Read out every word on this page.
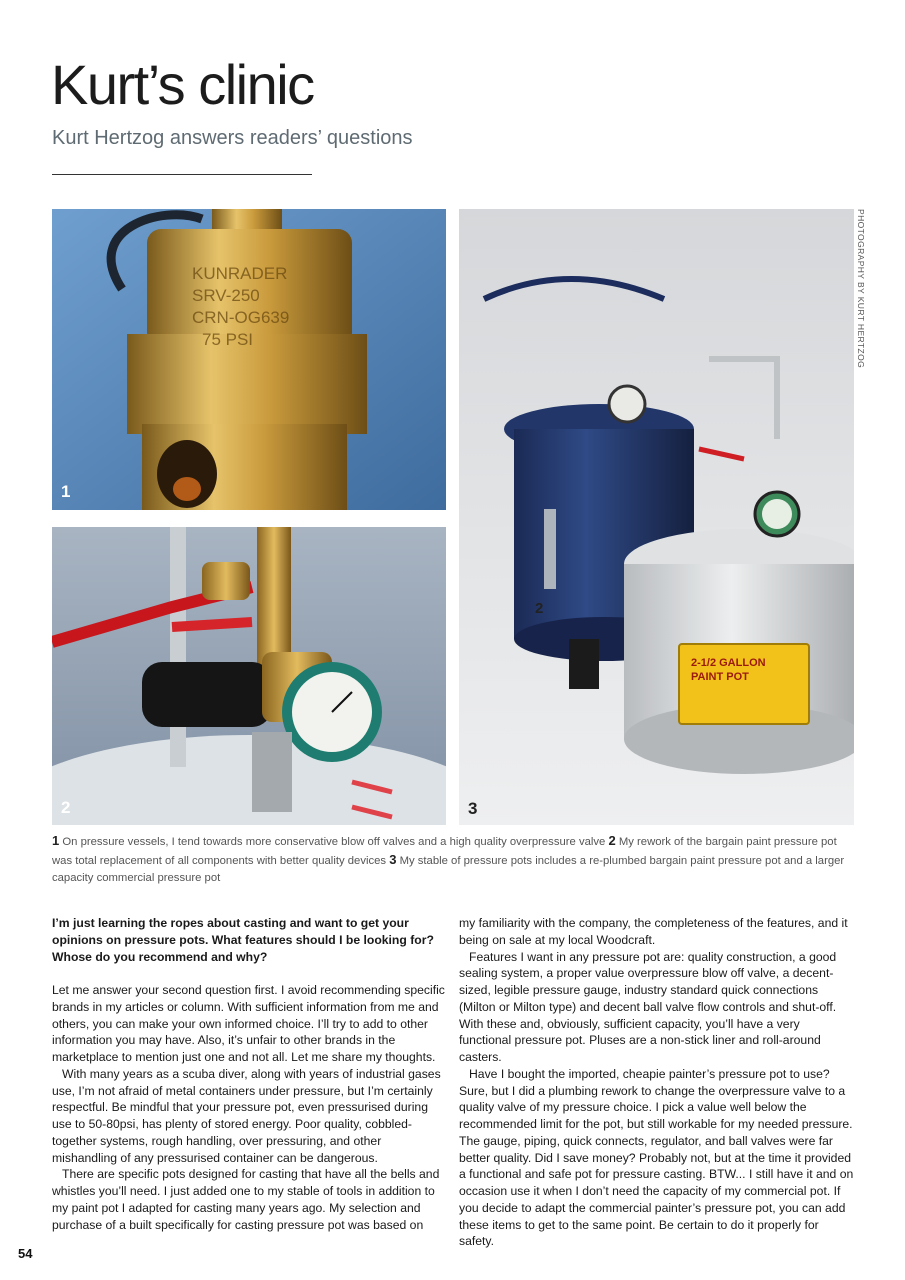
Kurt’s clinic
Kurt Hertzog answers readers’ questions
KUNRADER
SRV-250
CRN-OG639
75 PSI
1
2
2-1/2 GALLON
PAINT POT
2
3
PHOTOGRAPHY BY KURT HERTZOG
1 On pressure vessels, I tend towards more conservative blow off valves and a high quality overpressure valve 2 My rework of the bargain paint pressure pot was total replacement of all components with better quality devices 3 My stable of pressure pots includes a re-plumbed bargain paint pressure pot and a larger capacity commercial pressure pot

I’m just learning the ropes about casting and want to get your opinions on pressure pots. What features should I be looking for? Whose do you recommend and why?

Let me answer your second question first. I avoid recommending specific brands in my articles or column. With sufficient information from me and others, you can make your own informed choice. I’ll try to add to other information you may have. Also, it’s unfair to other brands in the marketplace to mention just one and not all. Let me share my thoughts.

With many years as a scuba diver, along with years of industrial gases use, I’m not afraid of metal containers under pressure, but I’m certainly respectful. Be mindful that your pressure pot, even pressurised during use to 50-80psi, has plenty of stored energy. Poor quality, cobbled-together systems, rough handling, over pressuring, and other mishandling of any pressurised container can be dangerous.

There are specific pots designed for casting that have all the bells and whistles you’ll need. I just added one to my stable of tools in addition to my paint pot I adapted for casting many years ago. My selection and purchase of a built specifically for casting pressure pot was based on

my familiarity with the company, the completeness of the features, and it being on sale at my local Woodcraft.

Features I want in any pressure pot are: quality construction, a good sealing system, a proper value overpressure blow off valve, a decent-sized, legible pressure gauge, industry standard quick connections (Milton or Milton type) and decent ball valve flow controls and shut-off. With these and, obviously, sufficient capacity, you’ll have a very functional pressure pot. Pluses are a non-stick liner and roll-around casters.

Have I bought the imported, cheapie painter’s pressure pot to use? Sure, but I did a plumbing rework to change the overpressure valve to a quality valve of my pressure choice. I pick a value well below the recommended limit for the pot, but still workable for my needed pressure. The gauge, piping, quick connects, regulator, and ball valves were far better quality. Did I save money? Probably not, but at the time it provided a functional and safe pot for pressure casting. BTW... I still have it and on occasion use it when I don’t need the capacity of my commercial pot. If you decide to adapt the commercial painter’s pressure pot, you can add these items to get to the same point. Be certain to do it properly for safety.

54
